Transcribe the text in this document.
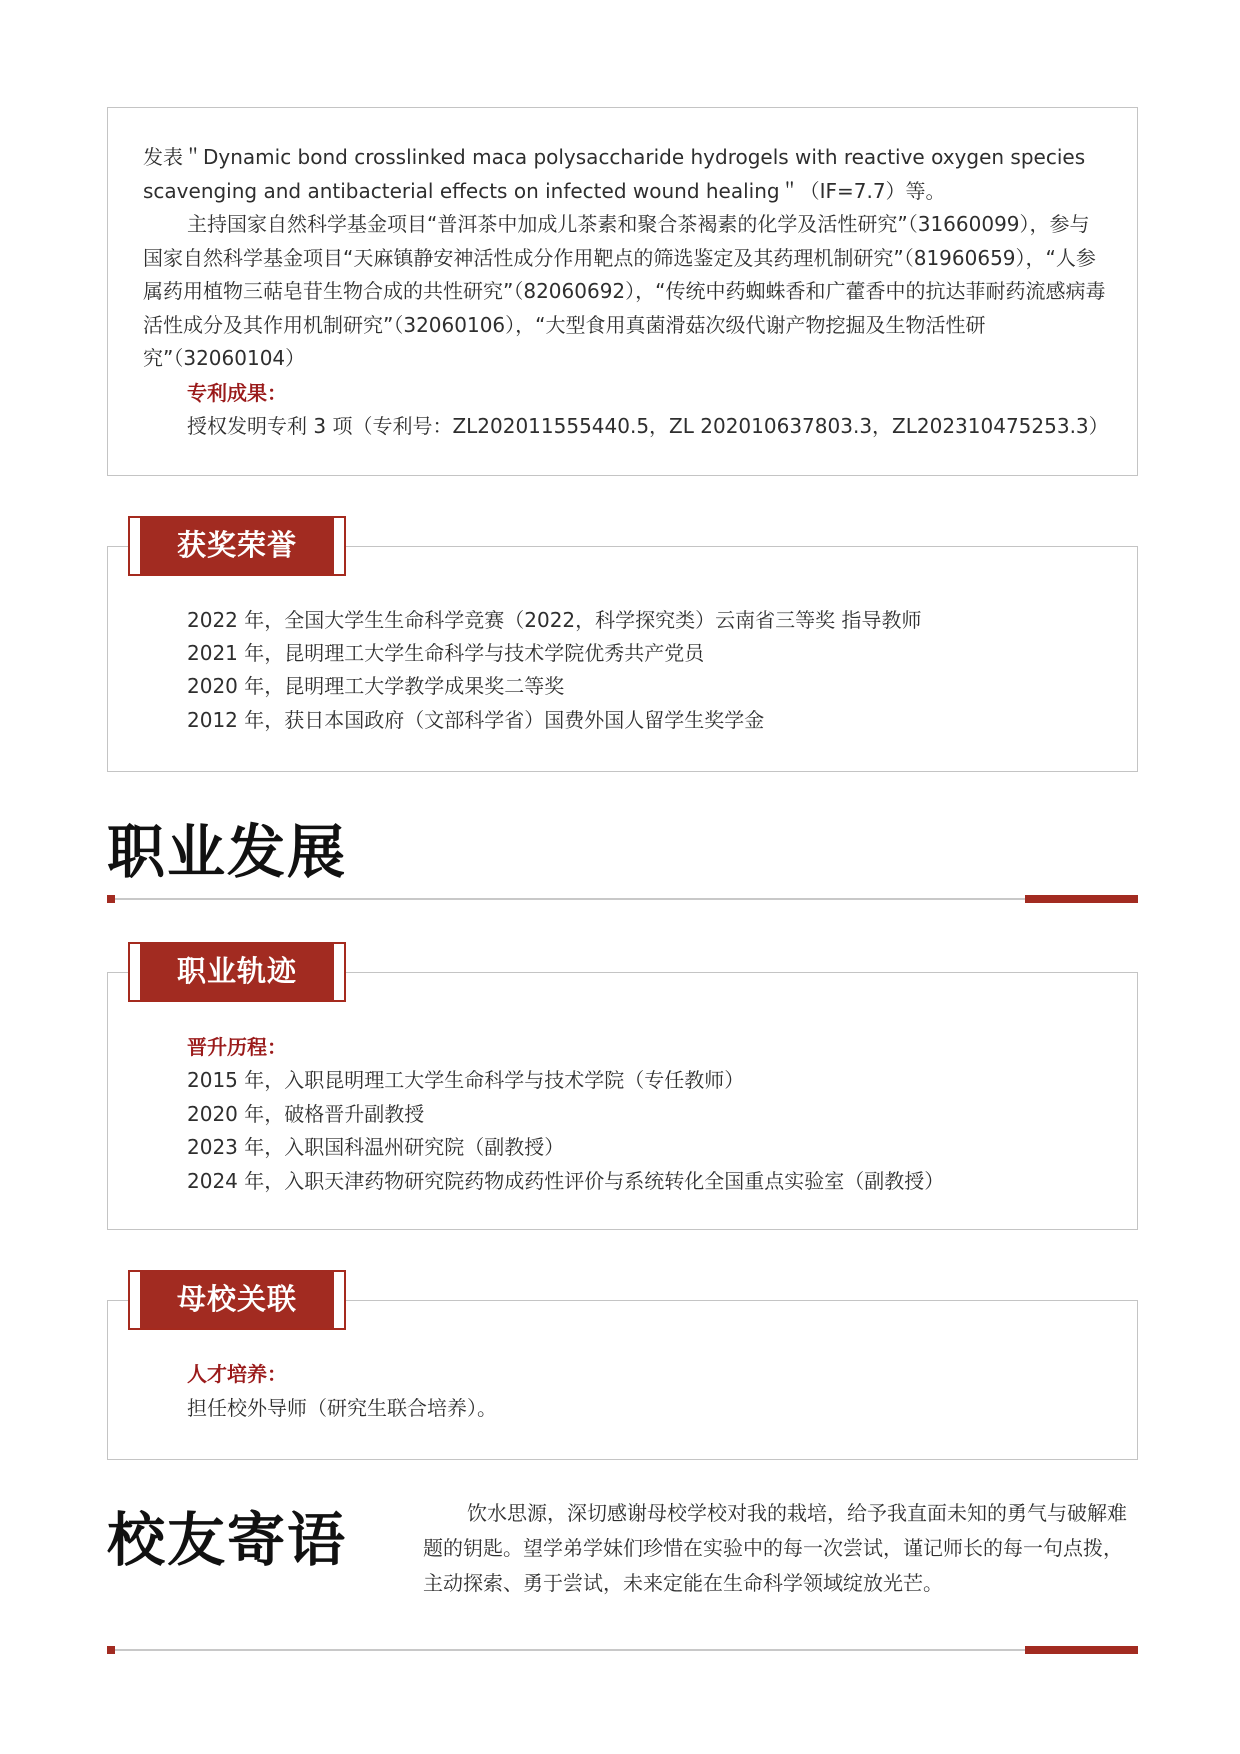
发表＂Dynamic bond crosslinked maca polysaccharide hydrogels with reactive oxygen species scavenging and antibacterial effects on infected wound healing＂（IF=7.7）等。

主持国家自然科学基金项目“普洱茶中加成儿茶素和聚合茶褐素的化学及活性研究”（31660099），参与国家自然科学基金项目“天麻镇静安神活性成分作用靶点的筛选鉴定及其药理机制研究”（81960659），“人参属药用植物三萜皂苷生物合成的共性研究”（82060692），“传统中药蜘蛛香和广藿香中的抗达菲耐药流感病毒活性成分及其作用机制研究”（32060106），“大型食用真菌滑菇次级代谢产物挖掘及生物活性研究”（32060104）

专利成果：
授权发明专利 3 项（专利号：ZL202011555440.5，ZL 202010637803.3，ZL202310475253.3）
获奖荣誉
2022 年，全国大学生生命科学竞赛（2022，科学探究类）云南省三等奖 指导教师
2021 年，昆明理工大学生命科学与技术学院优秀共产党员
2020 年，昆明理工大学教学成果奖二等奖
2012 年，获日本国政府（文部科学省）国费外国人留学生奖学金
职业发展
职业轨迹
晋升历程：
2015 年，入职昆明理工大学生命科学与技术学院（专任教师）
2020 年，破格晋升副教授
2023 年，入职国科温州研究院（副教授）
2024 年，入职天津药物研究院药物成药性评价与系统转化全国重点实验室（副教授）
母校关联
人才培养：
担任校外导师（研究生联合培养）。
校友寄语	饮水思源，深切感谢母校学校对我的栽培，给予我直面未知的勇气与破解难题的钥匙。望学弟学妹们珍惜在实验中的每一次尝试，谨记师长的每一句点拨，主动探索、勇于尝试，未来定能在生命科学领域绽放光芒。
